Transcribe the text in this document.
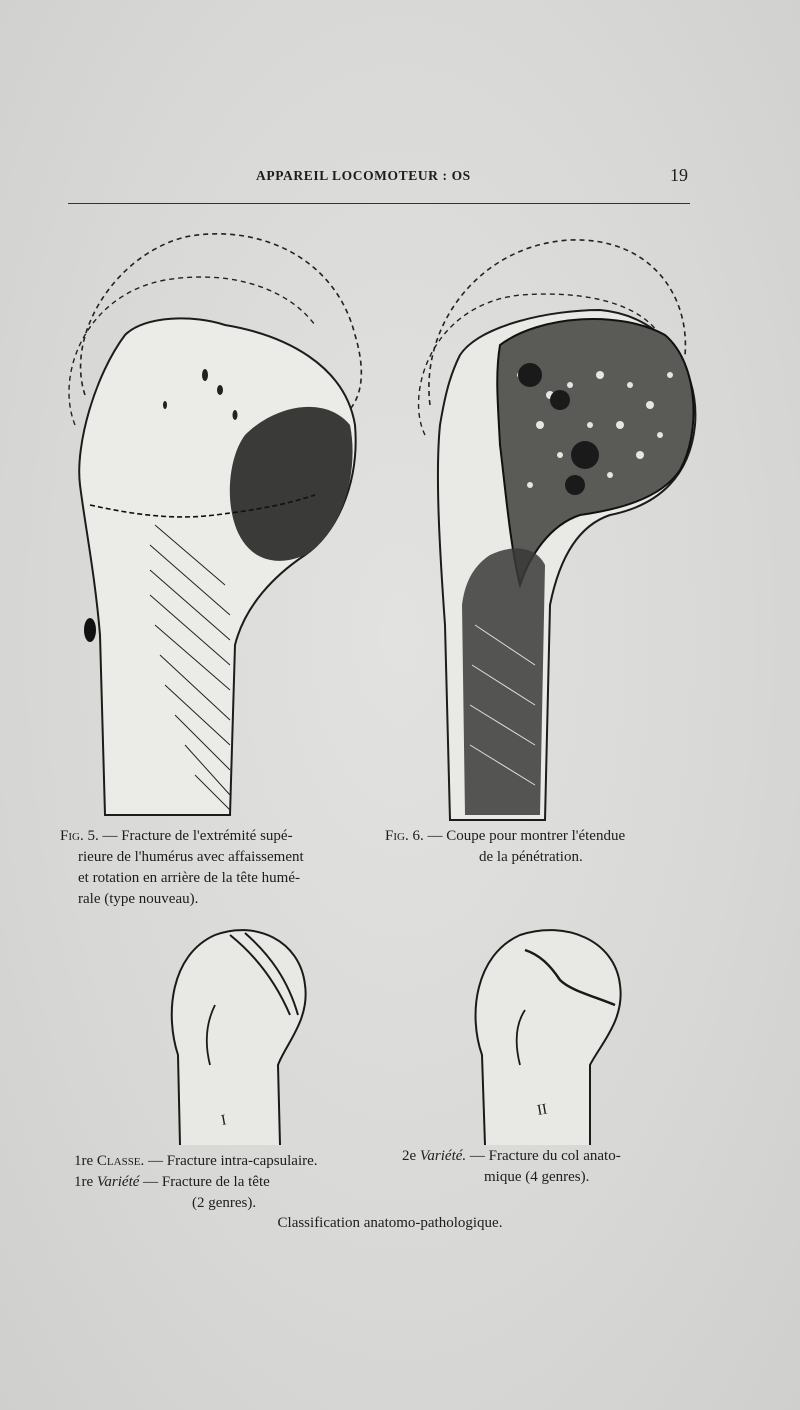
APPAREIL LOCOMOTEUR : OS	19
Fig. 5. — Fracture de l'extrémité supé-
rieure de l'humérus avec affaissement
et rotation en arrière de la tête humé-
rale (type nouveau).
Fig. 6. — Coupe pour montrer l'étendue
de la pénétration.
I
II
1re Classe. — Fracture intra-capsulaire.
1re Variété — Fracture de la tête
(2 genres).
2e Variété. — Fracture du col anato-
mique (4 genres).
Classification anatomo-pathologique.
